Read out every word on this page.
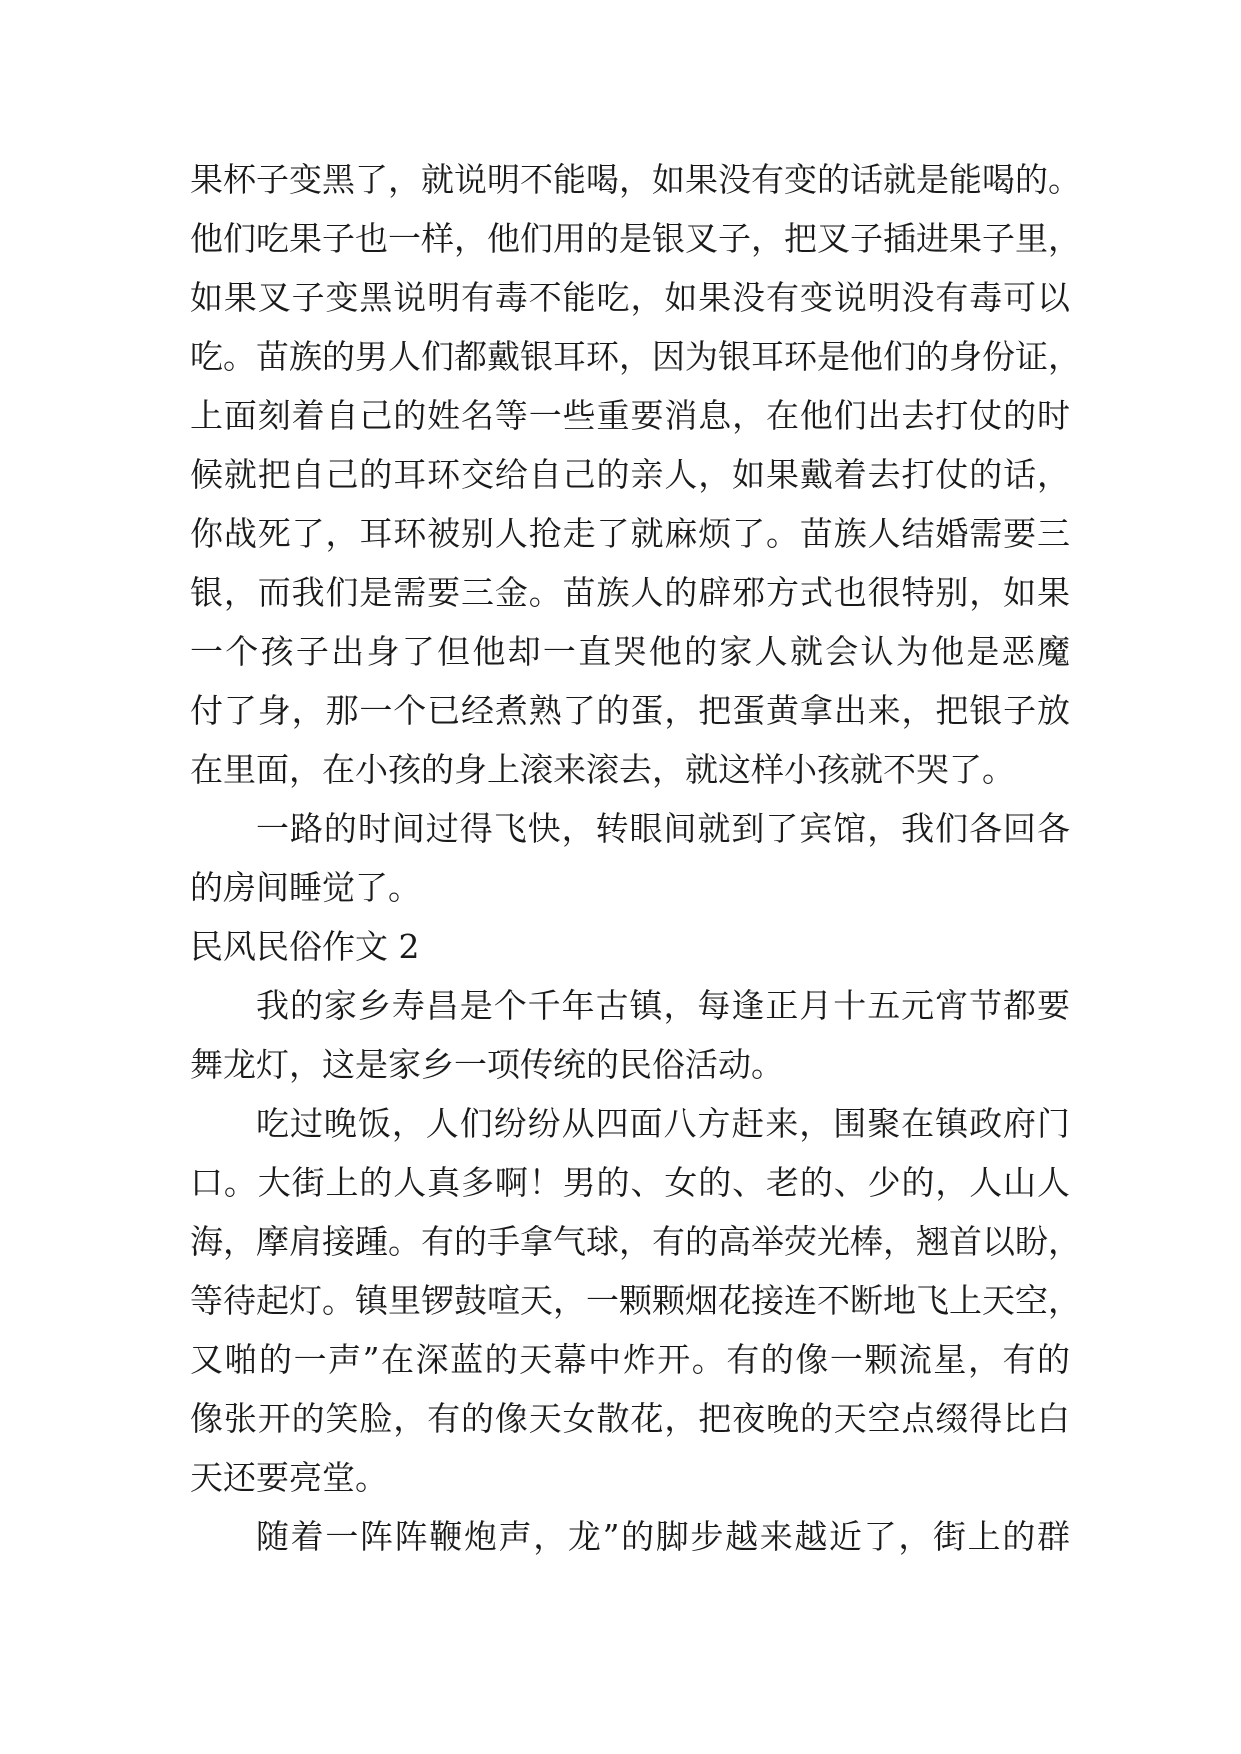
果杯子变黑了，就说明不能喝，如果没有变的话就是能喝的。
他们吃果子也一样，他们用的是银叉子，把叉子插进果子里，
如果叉子变黑说明有毒不能吃，如果没有变说明没有毒可以
吃。苗族的男人们都戴银耳环，因为银耳环是他们的身份证，
上面刻着自己的姓名等一些重要消息，在他们出去打仗的时
候就把自己的耳环交给自己的亲人，如果戴着去打仗的话，
你战死了，耳环被别人抢走了就麻烦了。苗族人结婚需要三
银，而我们是需要三金。苗族人的辟邪方式也很特别，如果
一个孩子出身了但他却一直哭他的家人就会认为他是恶魔
付了身，那一个已经煮熟了的蛋，把蛋黄拿出来，把银子放
在里面，在小孩的身上滚来滚去，就这样小孩就不哭了。
一路的时间过得飞快，转眼间就到了宾馆，我们各回各
的房间睡觉了。
民风民俗作文 2
我的家乡寿昌是个千年古镇，每逢正月十五元宵节都要
舞龙灯，这是家乡一项传统的民俗活动。
吃过晚饭，人们纷纷从四面八方赶来，围聚在镇政府门
口。大街上的人真多啊！男的、女的、老的、少的，人山人
海，摩肩接踵。有的手拿气球，有的高举荧光棒，翘首以盼，
等待起灯。镇里锣鼓喧天，一颗颗烟花接连不断地飞上天空，
又啪的一声”在深蓝的天幕中炸开。有的像一颗流星，有的
像张开的笑脸，有的像天女散花，把夜晚的天空点缀得比白
天还要亮堂。
随着一阵阵鞭炮声，龙”的脚步越来越近了，街上的群
